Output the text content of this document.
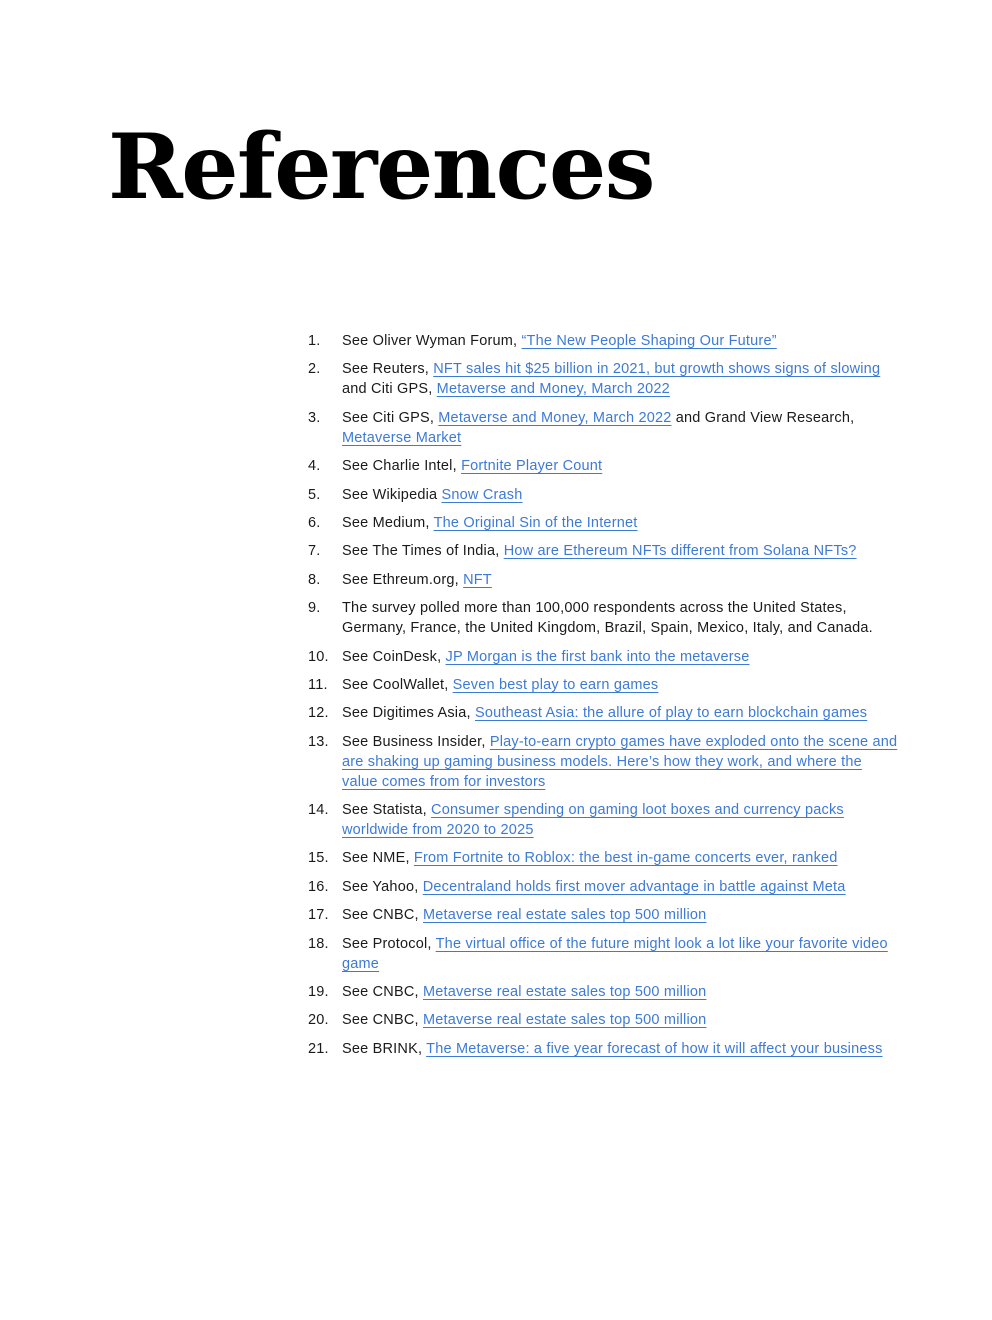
References
1. See Oliver Wyman Forum, “The New People Shaping Our Future”
2. See Reuters, NFT sales hit $25 billion in 2021, but growth shows signs of slowing and Citi GPS, Metaverse and Money, March 2022
3. See Citi GPS, Metaverse and Money, March 2022 and Grand View Research, Metaverse Market
4. See Charlie Intel, Fortnite Player Count
5. See Wikipedia Snow Crash
6. See Medium, The Original Sin of the Internet
7. See The Times of India, How are Ethereum NFTs different from Solana NFTs?
8. See Ethreum.org, NFT
9. The survey polled more than 100,000 respondents across the United States, Germany, France, the United Kingdom, Brazil, Spain, Mexico, Italy, and Canada.
10. See CoinDesk, JP Morgan is the first bank into the metaverse
11. See CoolWallet, Seven best play to earn games
12. See Digitimes Asia, Southeast Asia: the allure of play to earn blockchain games
13. See Business Insider, Play-to-earn crypto games have exploded onto the scene and are shaking up gaming business models. Here’s how they work, and where the value comes from for investors
14. See Statista, Consumer spending on gaming loot boxes and currency packs worldwide from 2020 to 2025
15. See NME, From Fortnite to Roblox: the best in-game concerts ever, ranked
16. See Yahoo, Decentraland holds first mover advantage in battle against Meta
17. See CNBC, Metaverse real estate sales top 500 million
18. See Protocol, The virtual office of the future might look a lot like your favorite video game
19. See CNBC, Metaverse real estate sales top 500 million
20. See CNBC, Metaverse real estate sales top 500 million
21. See BRINK, The Metaverse: a five year forecast of how it will affect your business
